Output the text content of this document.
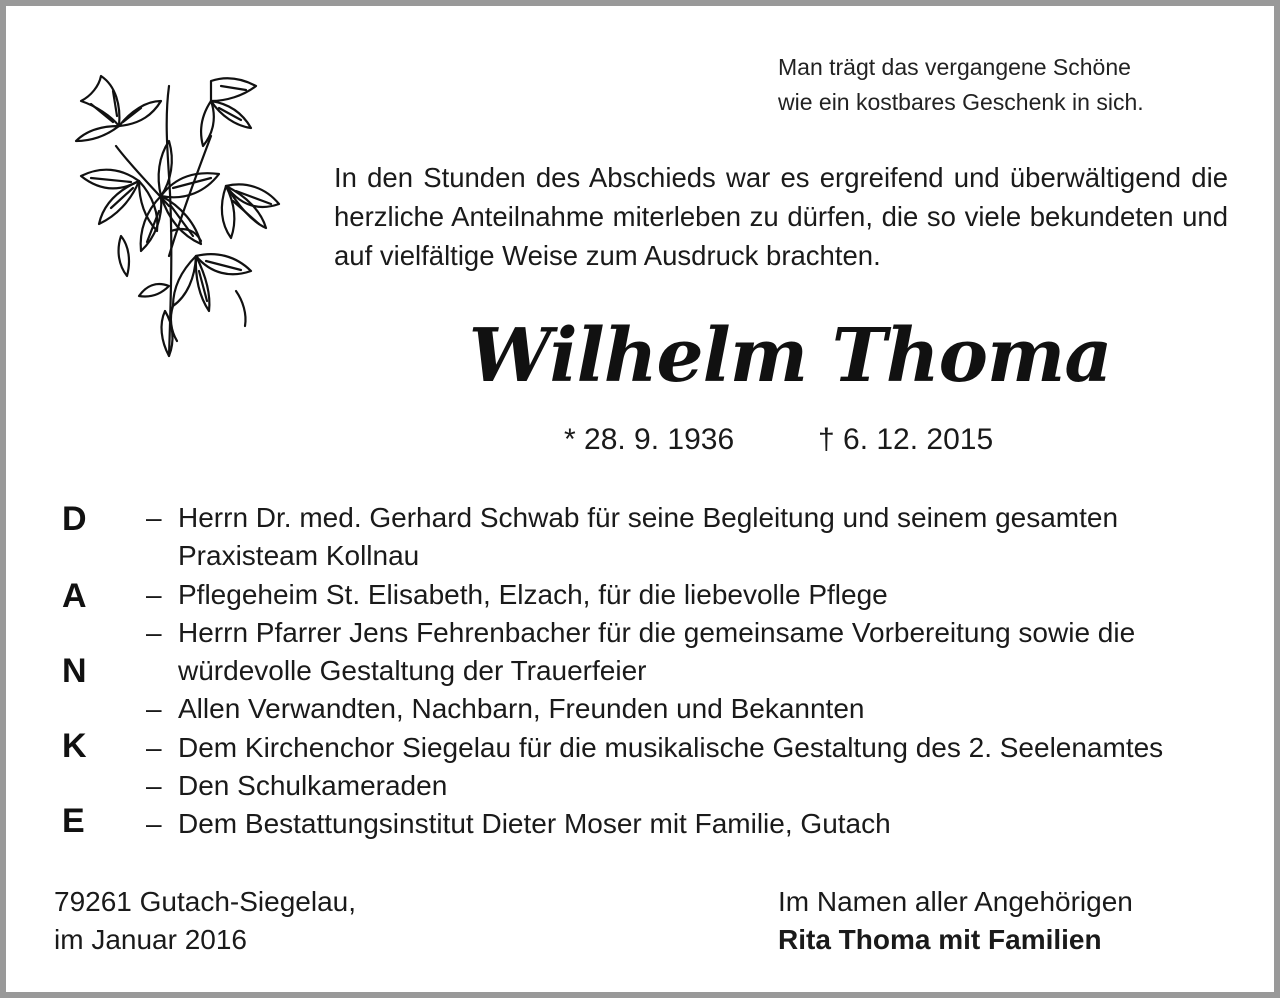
Man trägt das vergangene Schöne
wie ein kostbares Geschenk in sich.
In den Stunden des Abschieds war es ergreifend und überwältigend die herzliche Anteilnahme miterleben zu dürfen, die so viele bekundeten und auf vielfältige Weise zum Ausdruck brachten.
Wilhelm Thoma
* 28. 9. 1936	† 6. 12. 2015
D
A
N
K
E
– Herrn Dr. med. Gerhard Schwab für seine Begleitung und seinem gesamten Praxisteam Kollnau
– Pflegeheim St. Elisabeth, Elzach, für die liebevolle Pflege
– Herrn Pfarrer Jens Fehrenbacher für die gemeinsame Vorbereitung sowie die würdevolle Gestaltung der Trauerfeier
– Allen Verwandten, Nachbarn, Freunden und Bekannten
– Dem Kirchenchor Siegelau für die musikalische Gestaltung des 2. Seelenamtes
– Den Schulkameraden
– Dem Bestattungsinstitut Dieter Moser mit Familie, Gutach
79261 Gutach-Siegelau,
im Januar 2016
Im Namen aller Angehörigen
Rita Thoma mit Familien
